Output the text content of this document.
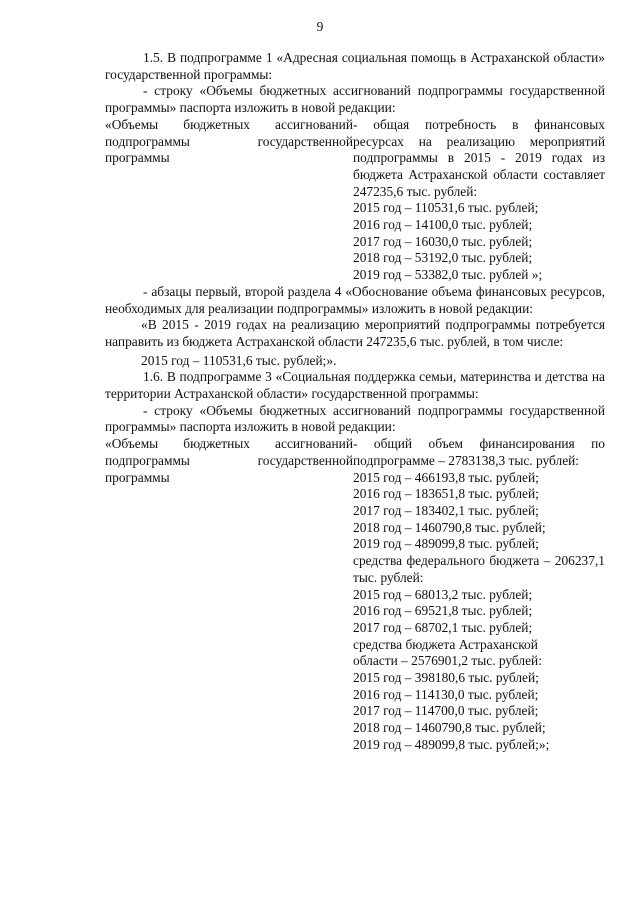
9

1.5. В подпрограмме 1 «Адресная социальная помощь в Астраханской области» государственной программы:

- строку «Объемы бюджетных ассигнований подпрограммы государственной программы» паспорта изложить в новой редакции:

«Объемы бюджетных ассигнований подпрограммы государственной программы

- общая потребность в финансовых ресурсах на реализацию мероприятий подпрограммы в 2015 - 2019 годах из бюджета Астраханской области составляет 247235,6 тыс. рублей:

2015 год – 110531,6 тыс. рублей;

2016 год – 14100,0 тыс. рублей;

2017 год – 16030,0 тыс. рублей;

2018 год – 53192,0 тыс. рублей;

2019 год – 53382,0 тыс. рублей »;

- абзацы первый, второй раздела 4 «Обоснование объема финансовых ресурсов, необходимых для реализации подпрограммы» изложить в новой редакции:

«В 2015 - 2019 годах на реализацию мероприятий подпрограммы потребуется направить из бюджета Астраханской области 247235,6 тыс. рублей, в том числе:

2015 год – 110531,6 тыс. рублей;».

1.6. В подпрограмме 3 «Социальная поддержка семьи, материнства и детства на территории Астраханской области» государственной программы:

- строку «Объемы бюджетных ассигнований подпрограммы государственной программы» паспорта изложить в новой редакции:

«Объемы бюджетных ассигнований подпрограммы государственной программы

- общий объем финансирования по подпрограмме – 2783138,3 тыс. рублей:

2015 год – 466193,8 тыс. рублей;

2016 год – 183651,8 тыс. рублей;

2017 год – 183402,1 тыс. рублей;

2018 год – 1460790,8 тыс. рублей;

2019 год – 489099,8 тыс. рублей;

средства федерального бюджета – 206237,1 тыс. рублей:

2015 год – 68013,2 тыс. рублей;

2016 год – 69521,8 тыс. рублей;

2017 год – 68702,1 тыс. рублей;

средства бюджета Астраханской

области – 2576901,2 тыс. рублей:

2015 год – 398180,6 тыс. рублей;

2016 год – 114130,0 тыс. рублей;

2017 год – 114700,0 тыс. рублей;

2018 год – 1460790,8 тыс. рублей;

2019 год – 489099,8 тыс. рублей;»;
